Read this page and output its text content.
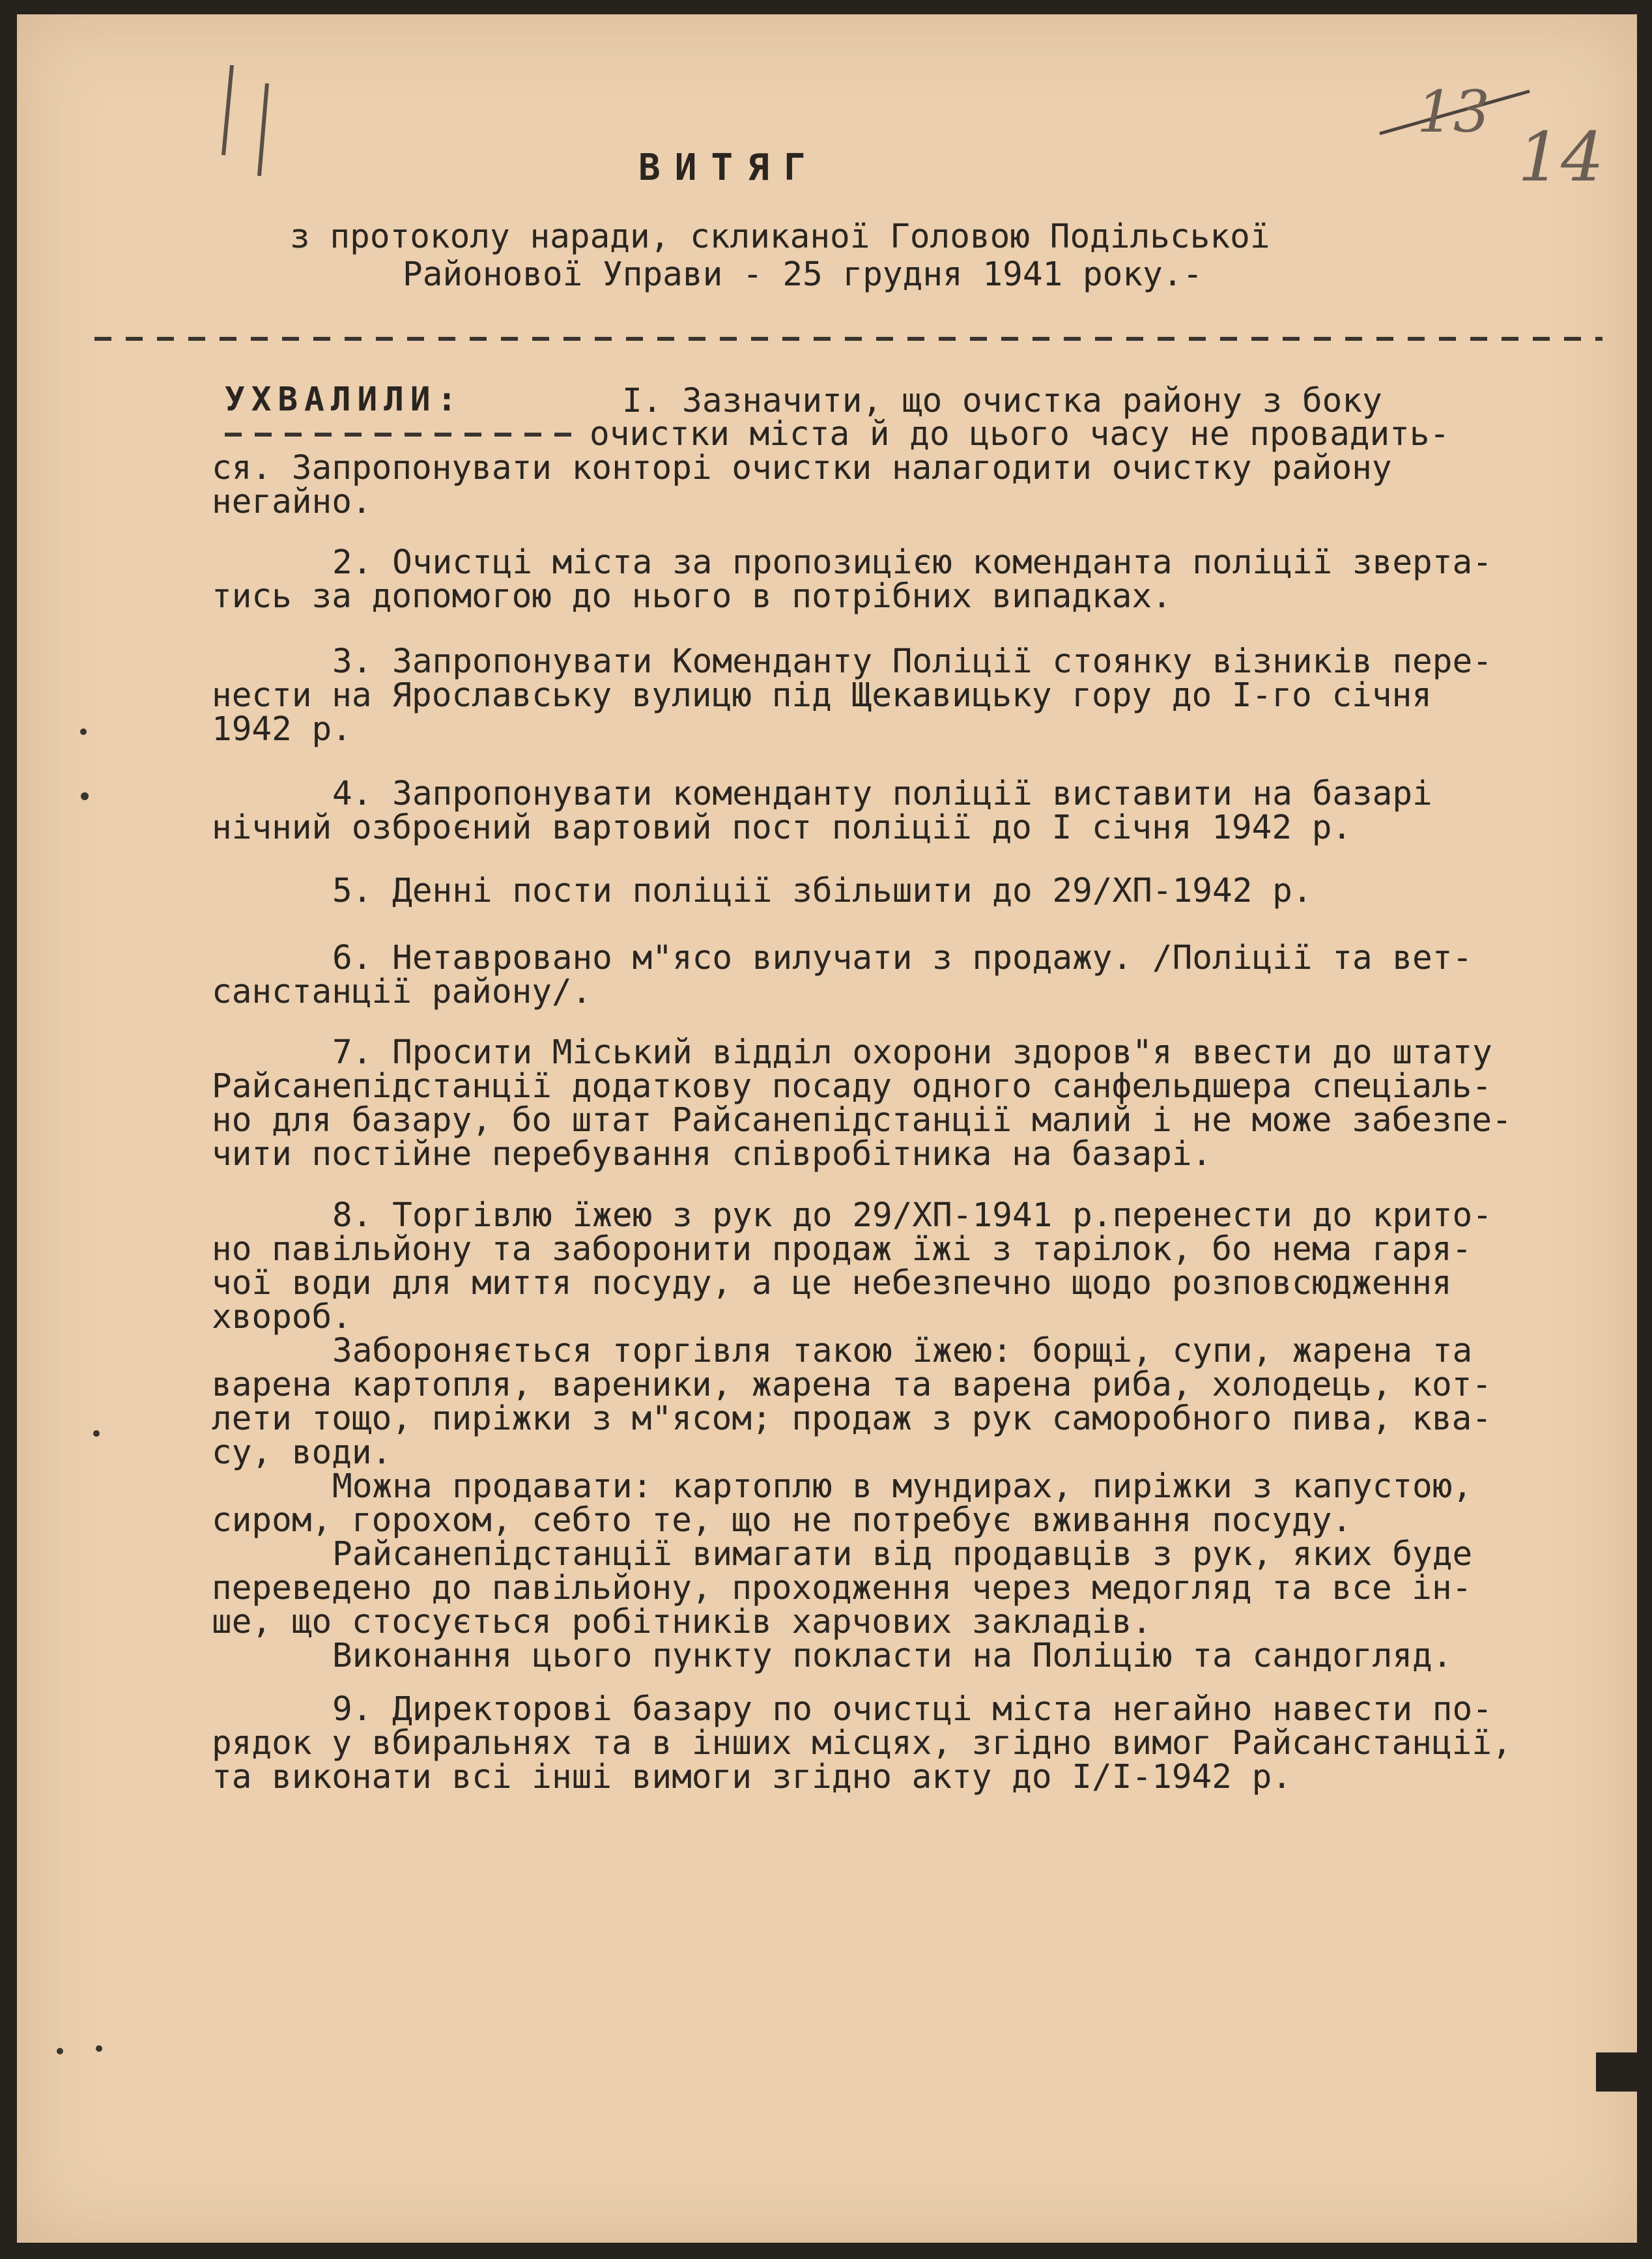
13
14
ВИТЯГ
з протоколу наради, скликаної Головою Подільської
Районової Управи - 25 грудня 1941 року.-
УХВАЛИЛИ:	І. Зазначити, що очистка району з боку
очистки міста й до цього часу не провадить-
ся. Запропонувати конторі очистки налагодити очистку району
негайно.
2. Очистці міста за пропозицією коменданта поліції зверта-
тись за допомогою до нього в потрібних випадках.
3. Запропонувати Коменданту Поліції стоянку візників пере-
нести на Ярославську вулицю під Щекавицьку гору до І-го січня
1942 р.
4. Запропонувати коменданту поліції виставити на базарі
нічний озброєний вартовий пост поліції до І січня 1942 р.
5. Денні пости поліції збільшити до 29/ХП-1942 р.
6. Нетавровано м"ясо вилучати з продажу. /Поліції та вет-
санстанції району/.
7. Просити Міський відділ охорони здоров"я ввести до штату
Райсанепідстанції додаткову посаду одного санфельдшера спеціаль-
но для базару, бо штат Райсанепідстанції малий і не може забезпе-
чити постійне перебування співробітника на базарі.
8. Торгівлю їжею з рук до 29/ХП-1941 р.перенести до крито-
но павільйону та заборонити продаж їжі з тарілок, бо нема гаря-
чої води для миття посуду, а це небезпечно щодо розповсюдження
хвороб.
Забороняється торгівля такою їжею: борщі, супи, жарена та
варена картопля, вареники, жарена та варена риба, холодець, кот-
лети тощо, пиріжки з м"ясом; продаж з рук саморобного пива, ква-
су, води.
Можна продавати: картоплю в мундирах, пиріжки з капустою,
сиром, горохом, себто те, що не потребує вживання посуду.
Райсанепідстанції вимагати від продавців з рук, яких буде
переведено до павільйону, проходження через медогляд та все ін-
ше, що стосується робітників харчових закладів.
Виконання цього пункту покласти на Поліцію та сандогляд.
9. Директорові базару по очистці міста негайно навести по-
рядок у вбиральнях та в інших місцях, згідно вимог Райсанстанції,
та виконати всі інші вимоги згідно акту до І/І-1942 р.
